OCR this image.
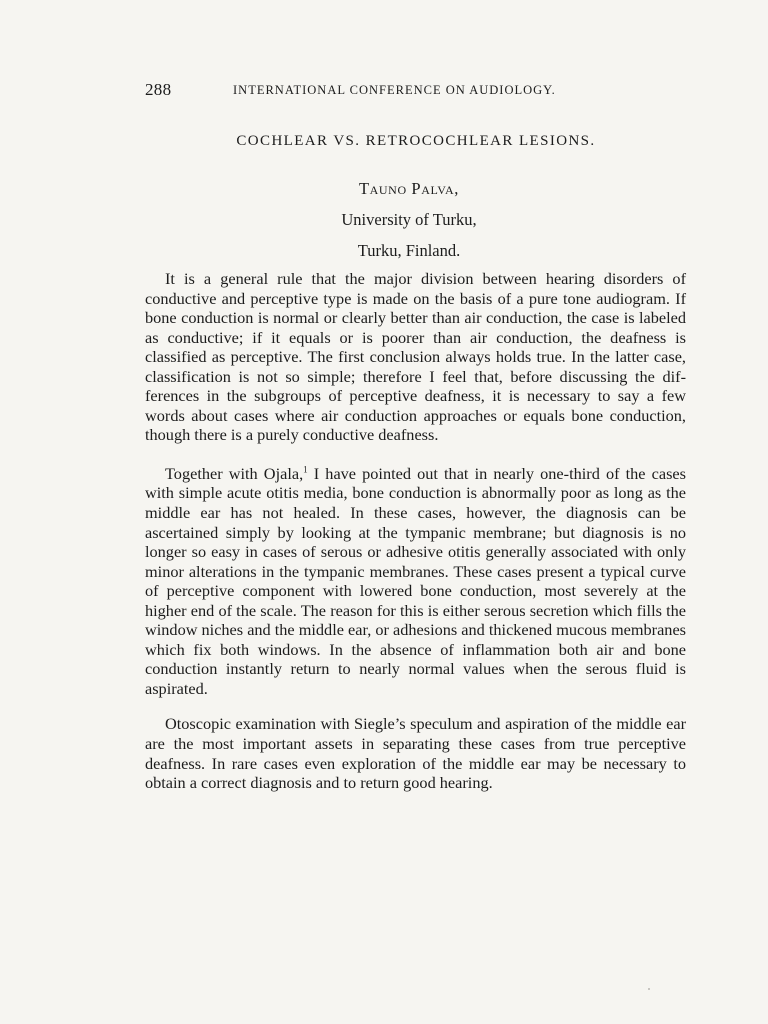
288	INTERNATIONAL CONFERENCE ON AUDIOLOGY.
COCHLEAR VS. RETROCOCHLEAR LESIONS.
Tauno Palva,
University of Turku,
Turku, Finland.

It is a general rule that the major division between hearing disorders of conductive and perceptive type is made on the basis of a pure tone audiogram. If bone conduction is normal or clearly better than air conduction, the case is labeled as conductive; if it equals or is poorer than air conduction, the deafness is classified as perceptive. The first conclusion always holds true. In the latter case, classification is not so simple; therefore I feel that, before discussing the differences in the subgroups of perceptive deafness, it is necessary to say a few words about cases where air conduction approaches or equals bone conduction, though there is a purely conductive deafness.

Together with Ojala,$^1$ I have pointed out that in nearly one-third of the cases with simple acute otitis media, bone conduction is abnormally poor as long as the middle ear has not healed. In these cases, however, the diagnosis can be ascertained simply by looking at the tympanic membrane; but diagnosis is no longer so easy in cases of serous or adhesive otitis generally associated with only minor alterations in the tympanic membranes. These cases present a typical curve of perceptive component with lowered bone conduction, most severely at the higher end of the scale. The reason for this is either serous secretion which fills the window niches and the middle ear, or adhesions and thickened mucous membranes which fix both windows. In the absence of inflammation both air and bone conduction instantly return to nearly normal values when the serous fluid is aspirated.

Otoscopic examination with Siegle’s speculum and aspiration of the middle ear are the most important assets in separating these cases from true perceptive deafness. In rare cases even exploration of the middle ear may be necessary to obtain a correct diagnosis and to return good hearing.
